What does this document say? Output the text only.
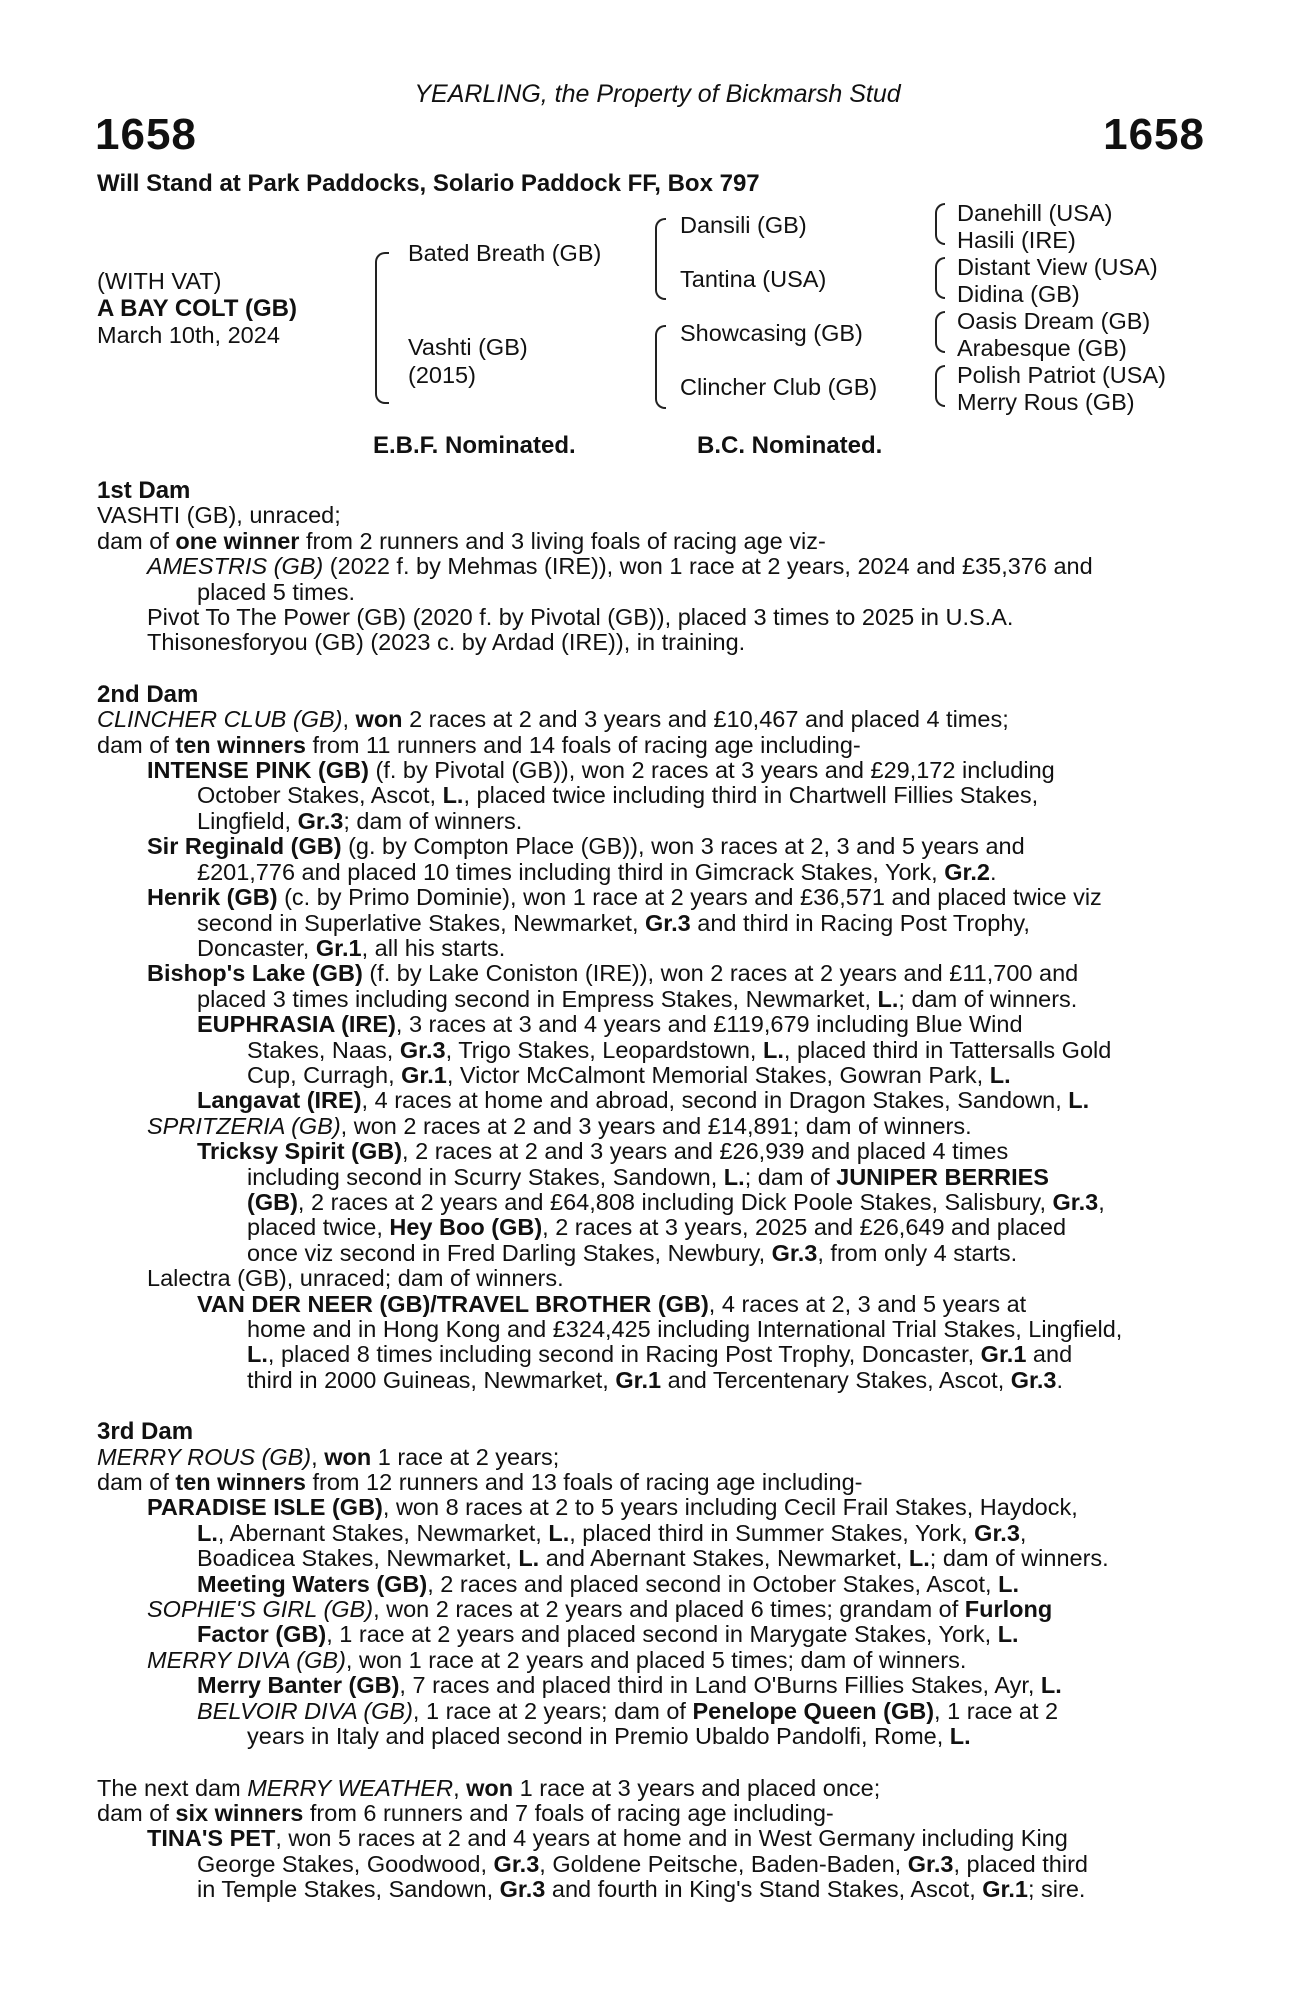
YEARLING, the Property of Bickmarsh Stud
1658	1658
Will Stand at Park Paddocks, Solario Paddock FF, Box 797
(WITH VAT)
A BAY COLT (GB)
March 10th, 2024
Bated Breath (GB)
Vashti (GB)
(2015)
Dansili (GB)
Tantina (USA)
Showcasing (GB)
Clincher Club (GB)
Danehill (USA)
Hasili (IRE)
Distant View (USA)
Didina (GB)
Oasis Dream (GB)
Arabesque (GB)
Polish Patriot (USA)
Merry Rous (GB)
E.B.F. Nominated.	B.C. Nominated.
1st Dam
VASHTI (GB), unraced;
dam of one winner from 2 runners and 3 living foals of racing age viz-
AMESTRIS (GB) (2022 f. by Mehmas (IRE)), won 1 race at 2 years, 2024 and £35,376 and
placed 5 times.
Pivot To The Power (GB) (2020 f. by Pivotal (GB)), placed 3 times to 2025 in U.S.A.
Thisonesforyou (GB) (2023 c. by Ardad (IRE)), in training.
2nd Dam
CLINCHER CLUB (GB), won 2 races at 2 and 3 years and £10,467 and placed 4 times;
dam of ten winners from 11 runners and 14 foals of racing age including-
INTENSE PINK (GB) (f. by Pivotal (GB)), won 2 races at 3 years and £29,172 including
October Stakes, Ascot, L., placed twice including third in Chartwell Fillies Stakes,
Lingfield, Gr.3; dam of winners.
Sir Reginald (GB) (g. by Compton Place (GB)), won 3 races at 2, 3 and 5 years and
£201,776 and placed 10 times including third in Gimcrack Stakes, York, Gr.2.
Henrik (GB) (c. by Primo Dominie), won 1 race at 2 years and £36,571 and placed twice viz
second in Superlative Stakes, Newmarket, Gr.3 and third in Racing Post Trophy,
Doncaster, Gr.1, all his starts.
Bishop's Lake (GB) (f. by Lake Coniston (IRE)), won 2 races at 2 years and £11,700 and
placed 3 times including second in Empress Stakes, Newmarket, L.; dam of winners.
EUPHRASIA (IRE), 3 races at 3 and 4 years and £119,679 including Blue Wind
Stakes, Naas, Gr.3, Trigo Stakes, Leopardstown, L., placed third in Tattersalls Gold
Cup, Curragh, Gr.1, Victor McCalmont Memorial Stakes, Gowran Park, L.
Langavat (IRE), 4 races at home and abroad, second in Dragon Stakes, Sandown, L.
SPRITZERIA (GB), won 2 races at 2 and 3 years and £14,891; dam of winners.
Tricksy Spirit (GB), 2 races at 2 and 3 years and £26,939 and placed 4 times
including second in Scurry Stakes, Sandown, L.; dam of JUNIPER BERRIES
(GB), 2 races at 2 years and £64,808 including Dick Poole Stakes, Salisbury, Gr.3,
placed twice, Hey Boo (GB), 2 races at 3 years, 2025 and £26,649 and placed
once viz second in Fred Darling Stakes, Newbury, Gr.3, from only 4 starts.
Lalectra (GB), unraced; dam of winners.
VAN DER NEER (GB)/TRAVEL BROTHER (GB), 4 races at 2, 3 and 5 years at
home and in Hong Kong and £324,425 including International Trial Stakes, Lingfield,
L., placed 8 times including second in Racing Post Trophy, Doncaster, Gr.1 and
third in 2000 Guineas, Newmarket, Gr.1 and Tercentenary Stakes, Ascot, Gr.3.
3rd Dam
MERRY ROUS (GB), won 1 race at 2 years;
dam of ten winners from 12 runners and 13 foals of racing age including-
PARADISE ISLE (GB), won 8 races at 2 to 5 years including Cecil Frail Stakes, Haydock,
L., Abernant Stakes, Newmarket, L., placed third in Summer Stakes, York, Gr.3,
Boadicea Stakes, Newmarket, L. and Abernant Stakes, Newmarket, L.; dam of winners.
Meeting Waters (GB), 2 races and placed second in October Stakes, Ascot, L.
SOPHIE'S GIRL (GB), won 2 races at 2 years and placed 6 times; grandam of Furlong
Factor (GB), 1 race at 2 years and placed second in Marygate Stakes, York, L.
MERRY DIVA (GB), won 1 race at 2 years and placed 5 times; dam of winners.
Merry Banter (GB), 7 races and placed third in Land O'Burns Fillies Stakes, Ayr, L.
BELVOIR DIVA (GB), 1 race at 2 years; dam of Penelope Queen (GB), 1 race at 2
years in Italy and placed second in Premio Ubaldo Pandolfi, Rome, L.
The next dam MERRY WEATHER, won 1 race at 3 years and placed once;
dam of six winners from 6 runners and 7 foals of racing age including-
TINA'S PET, won 5 races at 2 and 4 years at home and in West Germany including King
George Stakes, Goodwood, Gr.3, Goldene Peitsche, Baden-Baden, Gr.3, placed third
in Temple Stakes, Sandown, Gr.3 and fourth in King's Stand Stakes, Ascot, Gr.1; sire.
